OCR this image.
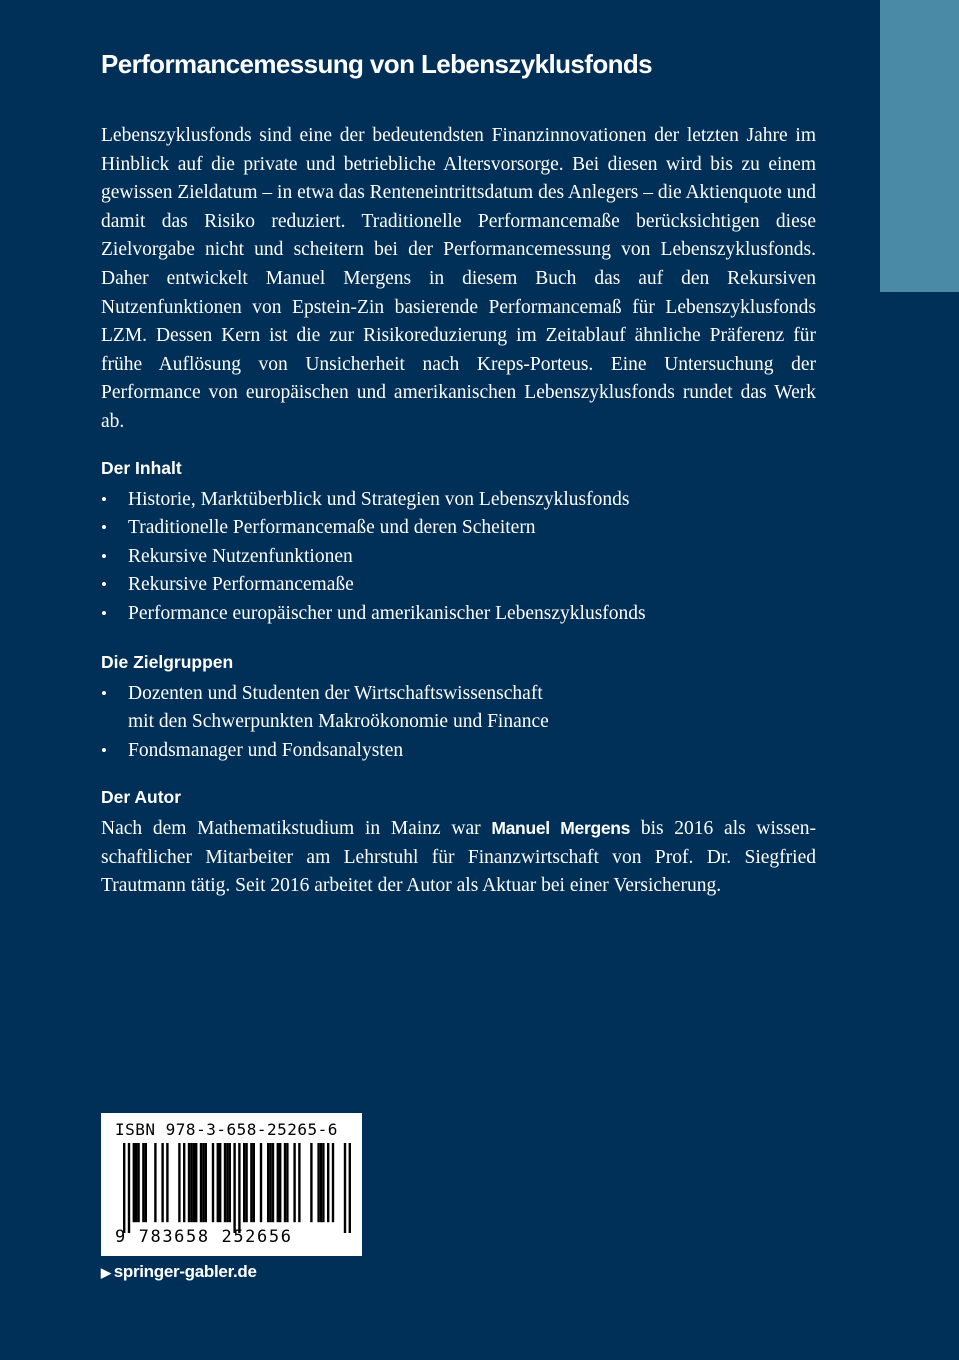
Performancemessung von Lebenszyklusfonds

Lebenszyklusfonds sind eine der bedeutendsten Finanzinnovationen der letzten Jahre im Hinblick auf die private und betriebliche Altersvorsorge. Bei diesen wird bis zu einem gewissen Zieldatum – in etwa das Renteneintrittsdatum des Anlegers – die Aktienquote und damit das Risiko reduziert. Traditionelle Performancemaße berücksichtigen diese Zielvorgabe nicht und scheitern bei der Performancemessung von Lebenszyklusfonds. Daher entwickelt Manuel Mergens in diesem Buch das auf den Rekursiven Nutzenfunktionen von Epstein-Zin basierende Performancemaß für Lebenszyklusfonds LZM. Dessen Kern ist die zur Risikoreduzierung im Zeitablauf ähnliche Präferenz für frühe Auflösung von Unsicherheit nach Kreps-Porteus. Eine Untersuchung der Performance von europäischen und amerikanischen Lebenszyklusfonds rundet das Werk ab.

Der Inhalt
• Historie, Marktüberblick und Strategien von Lebenszyklusfonds
• Traditionelle Performancemaße und deren Scheitern
• Rekursive Nutzenfunktionen
• Rekursive Performancemaße
• Performance europäischer und amerikanischer Lebenszyklusfonds
Die Zielgruppen
• Dozenten und Studenten der Wirtschaftswissenschaft
mit den Schwerpunkten Makroökonomie und Finance
• Fondsmanager und Fondsanalysten
Der Autor

Nach dem Mathematikstudium in Mainz war Manuel Mergens bis 2016 als wissenschaftlicher Mitarbeiter am Lehrstuhl für Finanzwirtschaft von Prof. Dr. Siegfried Trautmann tätig. Seit 2016 arbeitet der Autor als Aktuar bei einer Versicherung.

ISBN 978-3-658-25265-6
9 783658 252656
▶ springer-gabler.de
